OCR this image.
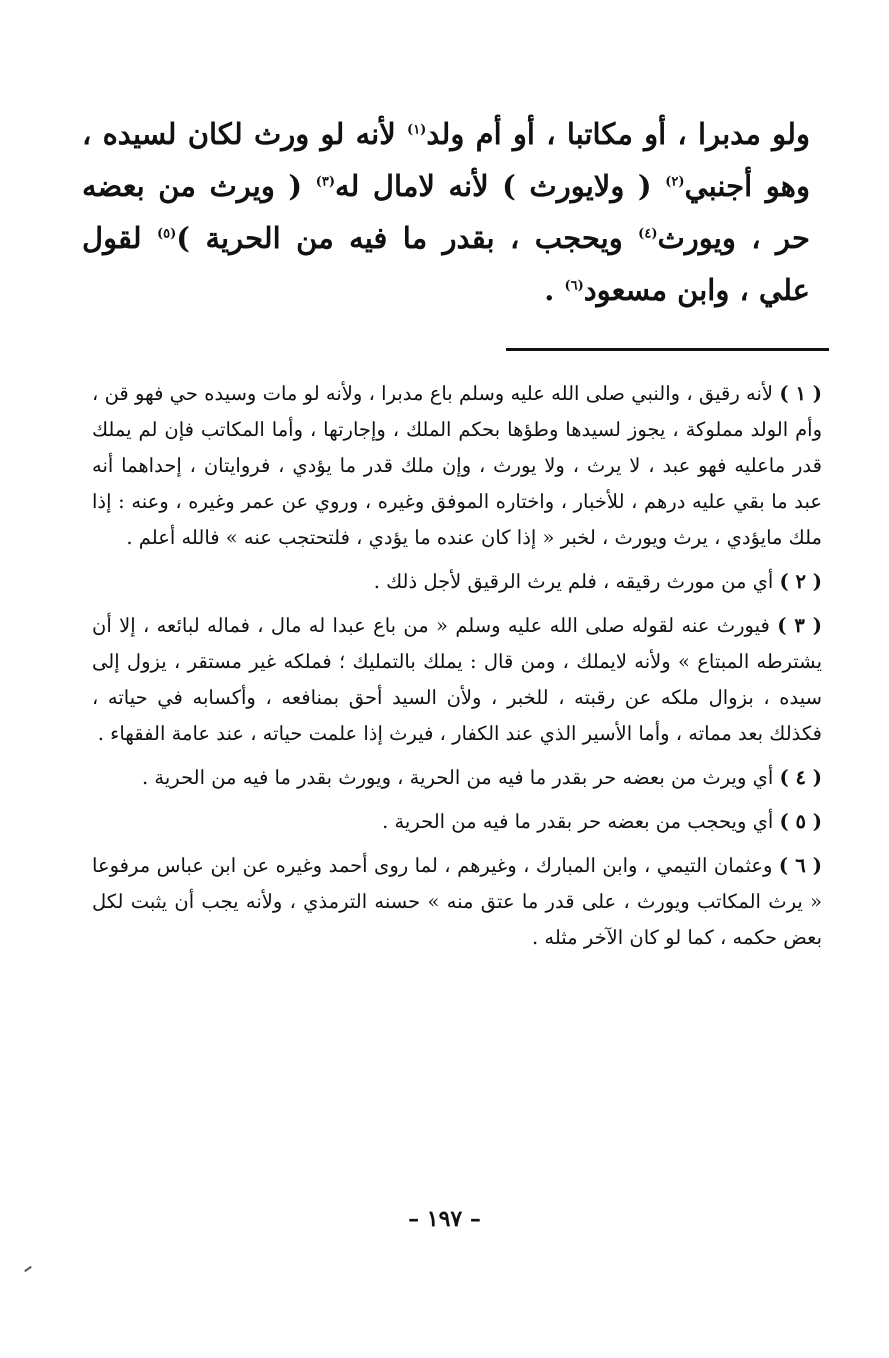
ولو مدبرا ، أو مكاتبا ، أو أم ولد$^{(١)}$ لأنه لو ورث لكان لسيده ، وهو أجنبي$^{(٢)}$ ( ولايورث ) لأنه لامال له$^{(٣)}$ ( ويرث من بعضه حر ، ويورث$^{(٤)}$ ويحجب ، بقدر ما فيه من الحرية )$^{(٥)}$ لقول علي ، وابن مسعود$^{(٦)}$ .

( ١ ) لأنه رقيق ، والنبي صلى الله عليه وسلم باع مدبرا ، ولأنه لو مات وسيده حي فهو قن ، وأم الولد مملوكة ، يجوز لسيدها وطؤها بحكم الملك ، وإجارتها ، وأما المكاتب فإن لم يملك قدر ماعليه فهو عبد ، لا يرث ، ولا يورث ، وإن ملك قدر ما يؤدي ، فروايتان ، إحداهما أنه عبد ما بقي عليه درهم ، للأخبار ، واختاره الموفق وغيره ، وروي عن عمر وغيره ، وعنه : إذا ملك مايؤدي ، يرث ويورث ، لخبر « إذا كان عنده ما يؤدي ، فلتحتجب عنه » فالله أعلم .

( ٢ ) أي من مورث رقيقه ، فلم يرث الرقيق لأجل ذلك .

( ٣ ) فيورث عنه لقوله صلى الله عليه وسلم « من باع عبدا له مال ، فماله لبائعه ، إلا أن يشترطه المبتاع » ولأنه لايملك ، ومن قال : يملك بالتمليك ؛ فملكه غير مستقر ، يزول إلى سيده ، بزوال ملكه عن رقبته ، للخبر ، ولأن السيد أحق بمنافعه ، وأكسابه في حياته ، فكذلك بعد مماته ، وأما الأسير الذي عند الكفار ، فيرث إذا علمت حياته ، عند عامة الفقهاء .

( ٤ ) أي ويرث من بعضه حر بقدر ما فيه من الحرية ، ويورث بقدر ما فيه من الحرية .

( ٥ ) أي ويحجب من بعضه حر بقدر ما فيه من الحرية .

( ٦ ) وعثمان التيمي ، وابن المبارك ، وغيرهم ، لما روى أحمد وغيره عن ابن عباس مرفوعا « يرث المكاتب ويورث ، على قدر ما عتق منه » حسنه الترمذي ، ولأنه يجب أن يثبت لكل بعض حكمه ، كما لو كان الآخر مثله .

– ١٩٧ –
